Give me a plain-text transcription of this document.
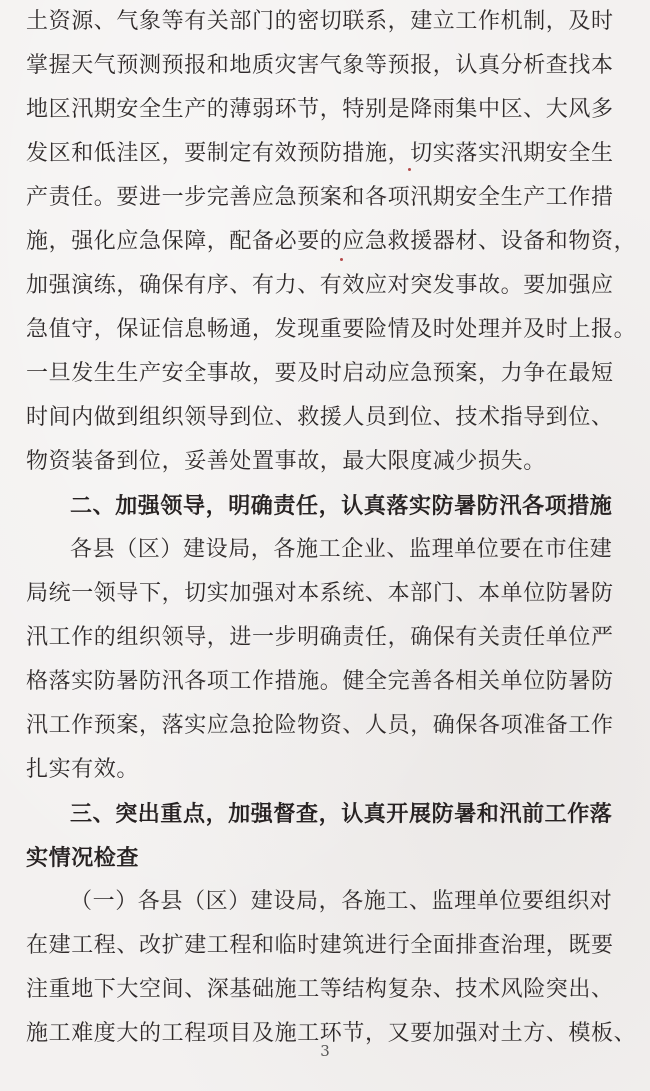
土资源、气象等有关部门的密切联系，建立工作机制，及时
掌握天气预测预报和地质灾害气象等预报，认真分析查找本
地区汛期安全生产的薄弱环节，特别是降雨集中区、大风多
发区和低洼区，要制定有效预防措施，切实落实汛期安全生
产责任。要进一步完善应急预案和各项汛期安全生产工作措
施，强化应急保障，配备必要的应急救援器材、设备和物资，
加强演练，确保有序、有力、有效应对突发事故。要加强应
急值守，保证信息畅通，发现重要险情及时处理并及时上报。
一旦发生生产安全事故，要及时启动应急预案，力争在最短
时间内做到组织领导到位、救援人员到位、技术指导到位、
物资装备到位，妥善处置事故，最大限度减少损失。
二、加强领导，明确责任，认真落实防暑防汛各项措施
各县（区）建设局，各施工企业、监理单位要在市住建
局统一领导下，切实加强对本系统、本部门、本单位防暑防
汛工作的组织领导，进一步明确责任，确保有关责任单位严
格落实防暑防汛各项工作措施。健全完善各相关单位防暑防
汛工作预案，落实应急抢险物资、人员，确保各项准备工作
扎实有效。
三、突出重点，加强督查，认真开展防暑和汛前工作落
实情况检查
（一）各县（区）建设局，各施工、监理单位要组织对
在建工程、改扩建工程和临时建筑进行全面排查治理，既要
注重地下大空间、深基础施工等结构复杂、技术风险突出、
施工难度大的工程项目及施工环节，又要加强对土方、模板、
3
